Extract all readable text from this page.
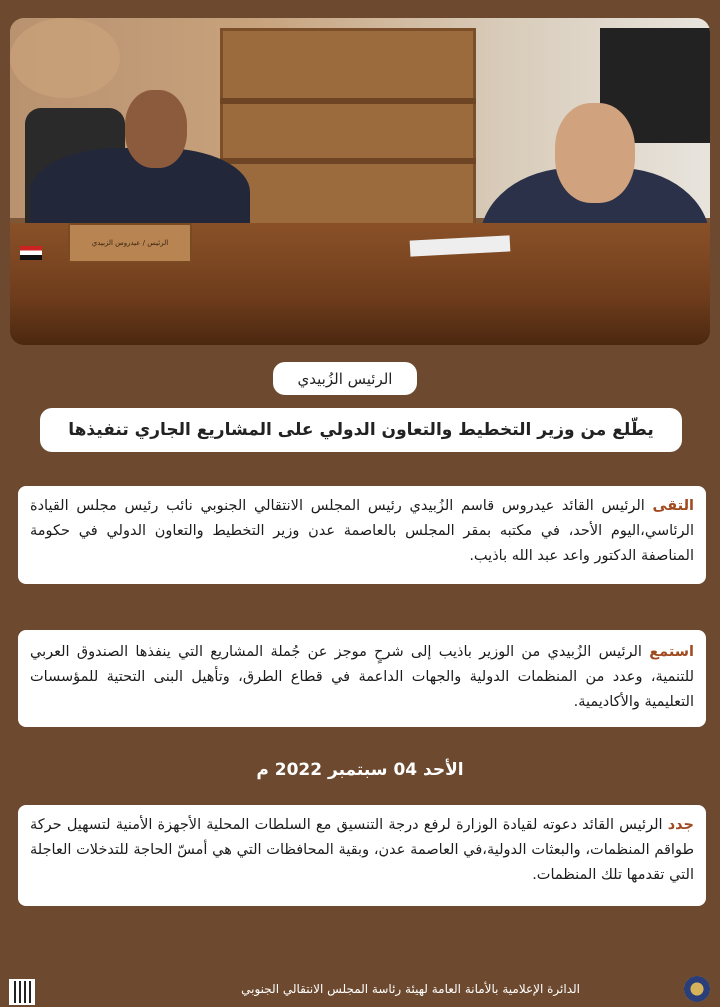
الرئيس / عيدروس الزبيدي
الرئيس الزُبيدي
يطّلع من وزير التخطيط والتعاون الدولي على المشاريع الجاري تنفيذها
التقى الرئيس القائد عيدروس قاسم الزُبيدي رئيس المجلس الانتقالي الجنوبي نائب رئيس مجلس القيادة الرئاسي،اليوم الأحد، في مكتبه بمقر المجلس بالعاصمة عدن وزير التخطيط والتعاون الدولي في حكومة المناصفة الدكتور واعد عبد الله باذيب.
استمع الرئيس الزُبيدي من الوزير باذيب إلى شرحٍ موجز عن جُملة المشاريع التي ينفذها الصندوق العربي للتنمية، وعدد من المنظمات الدولية والجهات الداعمة في قطاع الطرق، وتأهيل البنى التحتية للمؤسسات التعليمية والأكاديمية.
الأحد 04 سبتمبر 2022 م
جدد الرئيس القائد دعوته لقيادة الوزارة لرفع درجة التنسيق مع السلطات المحلية الأجهزة الأمنية لتسهيل حركة طواقم المنظمات، والبعثات الدولية،في العاصمة عدن، وبقية المحافظات التي هي أمسّ الحاجة للتدخلات العاجلة التي تقدمها تلك المنظمات.
الدائرة الإعلامية بالأمانة العامة لهيئة رئاسة المجلس الانتقالي الجنوبي
